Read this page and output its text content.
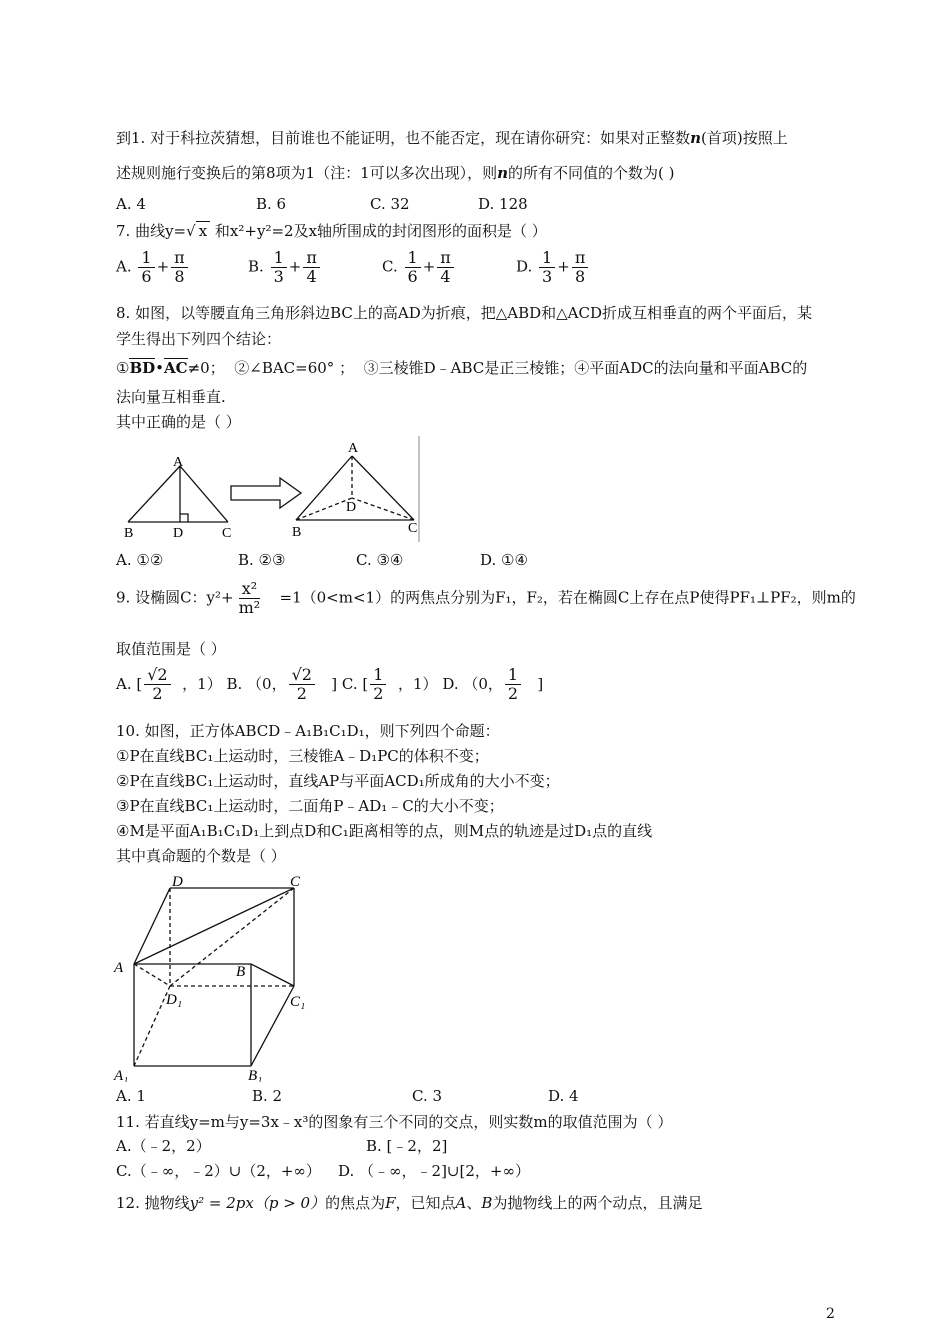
到1. 对于科拉茨猜想，目前谁也不能证明，也不能否定，现在请你研究：如果对正整数n(首项)按照上
述规则施行变换后的第8项为1（注：1可以多次出现），则n的所有不同值的个数为( )
A. 4	B. 6	C. 32	D. 128
7. 曲线y=√ x 和x²+y²=2及x轴所围成的封闭图形的面积是（ ）
A. $\frac{1}{6} + \frac{\pi}{8}$	B. $\frac{1}{3} + \frac{\pi}{4}$	C. $\frac{1}{6} + \frac{\pi}{4}$	D. $\frac{1}{3} + \frac{\pi}{8}$
8. 如图，以等腰直角三角形斜边BC上的高AD为折痕，把△ABD和△ACD折成互相垂直的两个平面后，某
学生得出下列四个结论：
①BD•AC≠0； ②∠BAC=60° ； ③三棱锥D﹣ABC是正三棱锥；④平面ADC的法向量和平面ABC的
法向量互相垂直.
其中正确的是（ ）
A
B	D	C
A
D
B	C
A. ①②	B. ②③	C. ③④	D. ①④
9. 设椭圆C：$y^2+ \frac{\text{x²}}{\text{m²}} =1(0<m<1)$的两焦点分别为F₁，F₂，若在椭圆C上存在点P使得PF₁⊥PF₂，则m的
取值范围是（ ）
A. [ $\frac{√2}{2}$ ，1） B. （0， $\frac{√2}{2}$ ] C. [ $\frac{1}{2}$ ，1） D. （0， $\frac{1}{2}$ ]
10. 如图，正方体ABCD﹣A₁B₁C₁D₁，则下列四个命题：
①P在直线BC₁上运动时，三棱锥A﹣D₁PC的体积不变；
②P在直线BC₁上运动时，直线AP与平面ACD₁所成角的大小不变；
③P在直线BC₁上运动时，二面角P﹣AD₁﹣C的大小不变；
④M是平面A₁B₁C₁D₁上到点D和C₁距离相等的点，则M点的轨迹是过D₁点的直线
其中真命题的个数是（ ）
D	C
A	B
D₁	C₁
A₁	B₁
A. 1	B. 2	C. 3	D. 4
11. 若直线y=m与y=3x﹣x³的图象有三个不同的交点，则实数m的取值范围为（ ）
A.（﹣2，2）	B. [﹣2，2]
C.（﹣∞，﹣2）∪（2，+∞） D. （﹣∞，﹣2]∪[2，+∞）
12. 抛物线y² = 2px（p > 0）的焦点为F，已知点A、B为抛物线上的两个动点，且满足
2
